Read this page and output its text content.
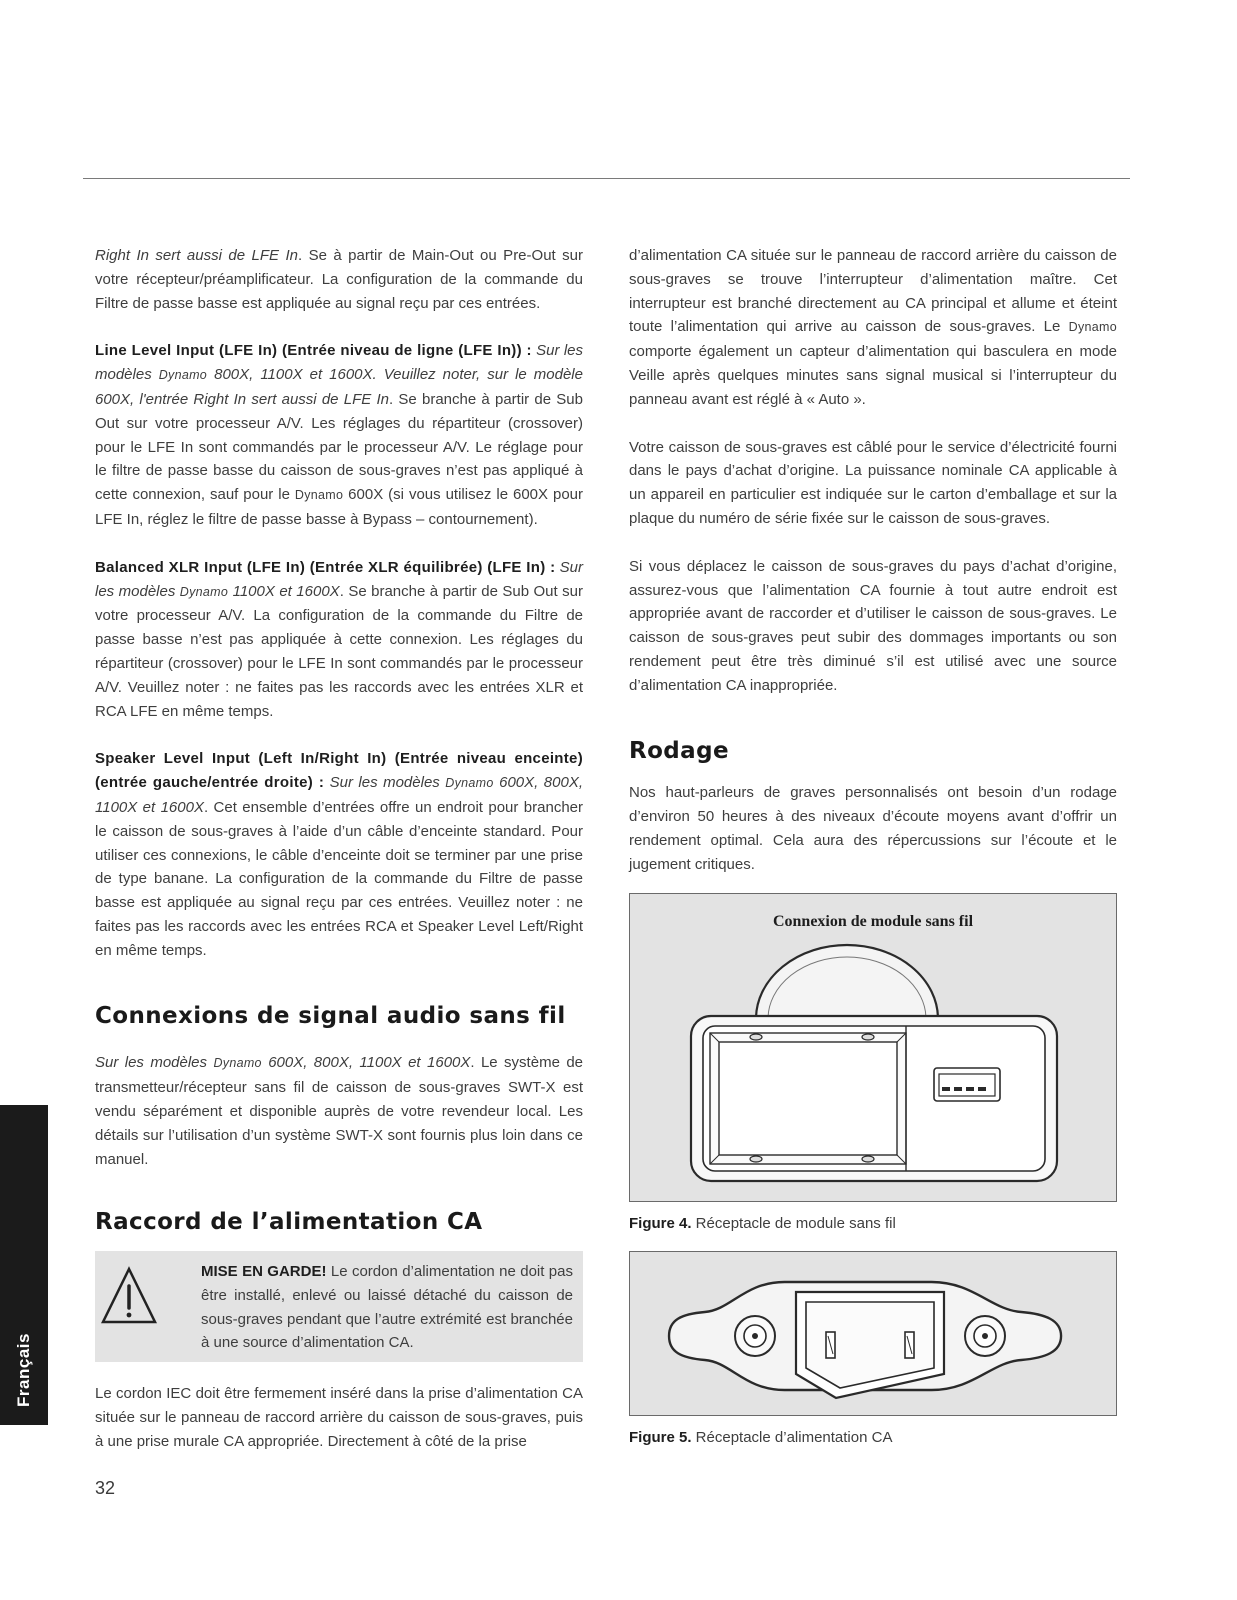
Right In sert aussi de LFE In. Se à partir de Main-Out ou Pre-Out sur votre récepteur/préamplificateur. La configuration de la commande du Filtre de passe basse est appliquée au signal reçu par ces entrées.

Line Level Input (LFE In) (Entrée niveau de ligne (LFE In)) : Sur les modèles Dynamo 800X, 1100X et 1600X. Veuillez noter, sur le modèle 600X, l'entrée Right In sert aussi de LFE In. Se branche à partir de Sub Out sur votre processeur A/V. Les réglages du répartiteur (crossover) pour le LFE In sont commandés par le processeur A/V. Le réglage pour le filtre de passe basse du caisson de sous-graves n’est pas appliqué à cette connexion, sauf pour le Dynamo 600X (si vous utilisez le 600X pour LFE In, réglez le filtre de passe basse à Bypass – contournement).

Balanced XLR Input (LFE In) (Entrée XLR équilibrée) (LFE In) : Sur les modèles Dynamo 1100X et 1600X. Se branche à partir de Sub Out sur votre processeur A/V. La configuration de la commande du Filtre de passe basse n’est pas appliquée à cette connexion. Les réglages du répartiteur (crossover) pour le LFE In sont commandés par le processeur A/V. Veuillez noter : ne faites pas les raccords avec les entrées XLR et RCA LFE en même temps.

Speaker Level Input (Left In/Right In) (Entrée niveau enceinte) (entrée gauche/entrée droite) : Sur les modèles Dynamo 600X, 800X, 1100X et 1600X. Cet ensemble d’entrées offre un endroit pour brancher le caisson de sous-graves à l’aide d’un câble d’enceinte standard. Pour utiliser ces connexions, le câble d’enceinte doit se terminer par une prise de type banane. La configuration de la commande du Filtre de passe basse est appliquée au signal reçu par ces entrées. Veuillez noter : ne faites pas les raccords avec les entrées RCA et Speaker Level Left/Right en même temps.

Connexions de signal audio sans fil

Sur les modèles Dynamo 600X, 800X, 1100X et 1600X. Le système de transmetteur/récepteur sans fil de caisson de sous-graves SWT-X est vendu séparément et disponible auprès de votre revendeur local. Les détails sur l’utilisation d’un système SWT-X sont fournis plus loin dans ce manuel.

Raccord de l’alimentation CA

MISE EN GARDE! Le cordon d’alimentation ne doit pas être installé, enlevé ou laissé détaché du caisson de sous-graves pendant que l’autre extrémité est branchée à une source d’alimentation CA.

Le cordon IEC doit être fermement inséré dans la prise d’alimentation CA située sur le panneau de raccord arrière du caisson de sous-graves, puis à une prise murale CA appropriée. Directement à côté de la prise

d’alimentation CA située sur le panneau de raccord arrière du caisson de sous-graves se trouve l’interrupteur d’alimentation maître. Cet interrupteur est branché directement au CA principal et allume et éteint toute l’alimentation qui arrive au caisson de sous-graves. Le Dynamo comporte également un capteur d’alimentation qui basculera en mode Veille après quelques minutes sans signal musical si l’interrupteur du panneau avant est réglé à « Auto ».

Votre caisson de sous-graves est câblé pour le service d’électricité fourni dans le pays d’achat d’origine. La puissance nominale CA applicable à un appareil en particulier est indiquée sur le carton d’emballage et sur la plaque du numéro de série fixée sur le caisson de sous-graves.

Si vous déplacez le caisson de sous-graves du pays d’achat d’origine, assurez-vous que l’alimentation CA fournie à tout autre endroit est appropriée avant de raccorder et d’utiliser le caisson de sous-graves. Le caisson de sous-graves peut subir des dommages importants ou son rendement peut être très diminué s’il est utilisé avec une source d’alimentation CA inappropriée.

Rodage

Nos haut-parleurs de graves personnalisés ont besoin d’un rodage d’environ 50 heures à des niveaux d’écoute moyens avant d’offrir un rendement optimal. Cela aura des répercussions sur l’écoute et le jugement critiques.

Connexion de module sans fil
Figure 4. Réceptacle de module sans fil
Figure 5. Réceptacle d’alimentation CA
Français
32
